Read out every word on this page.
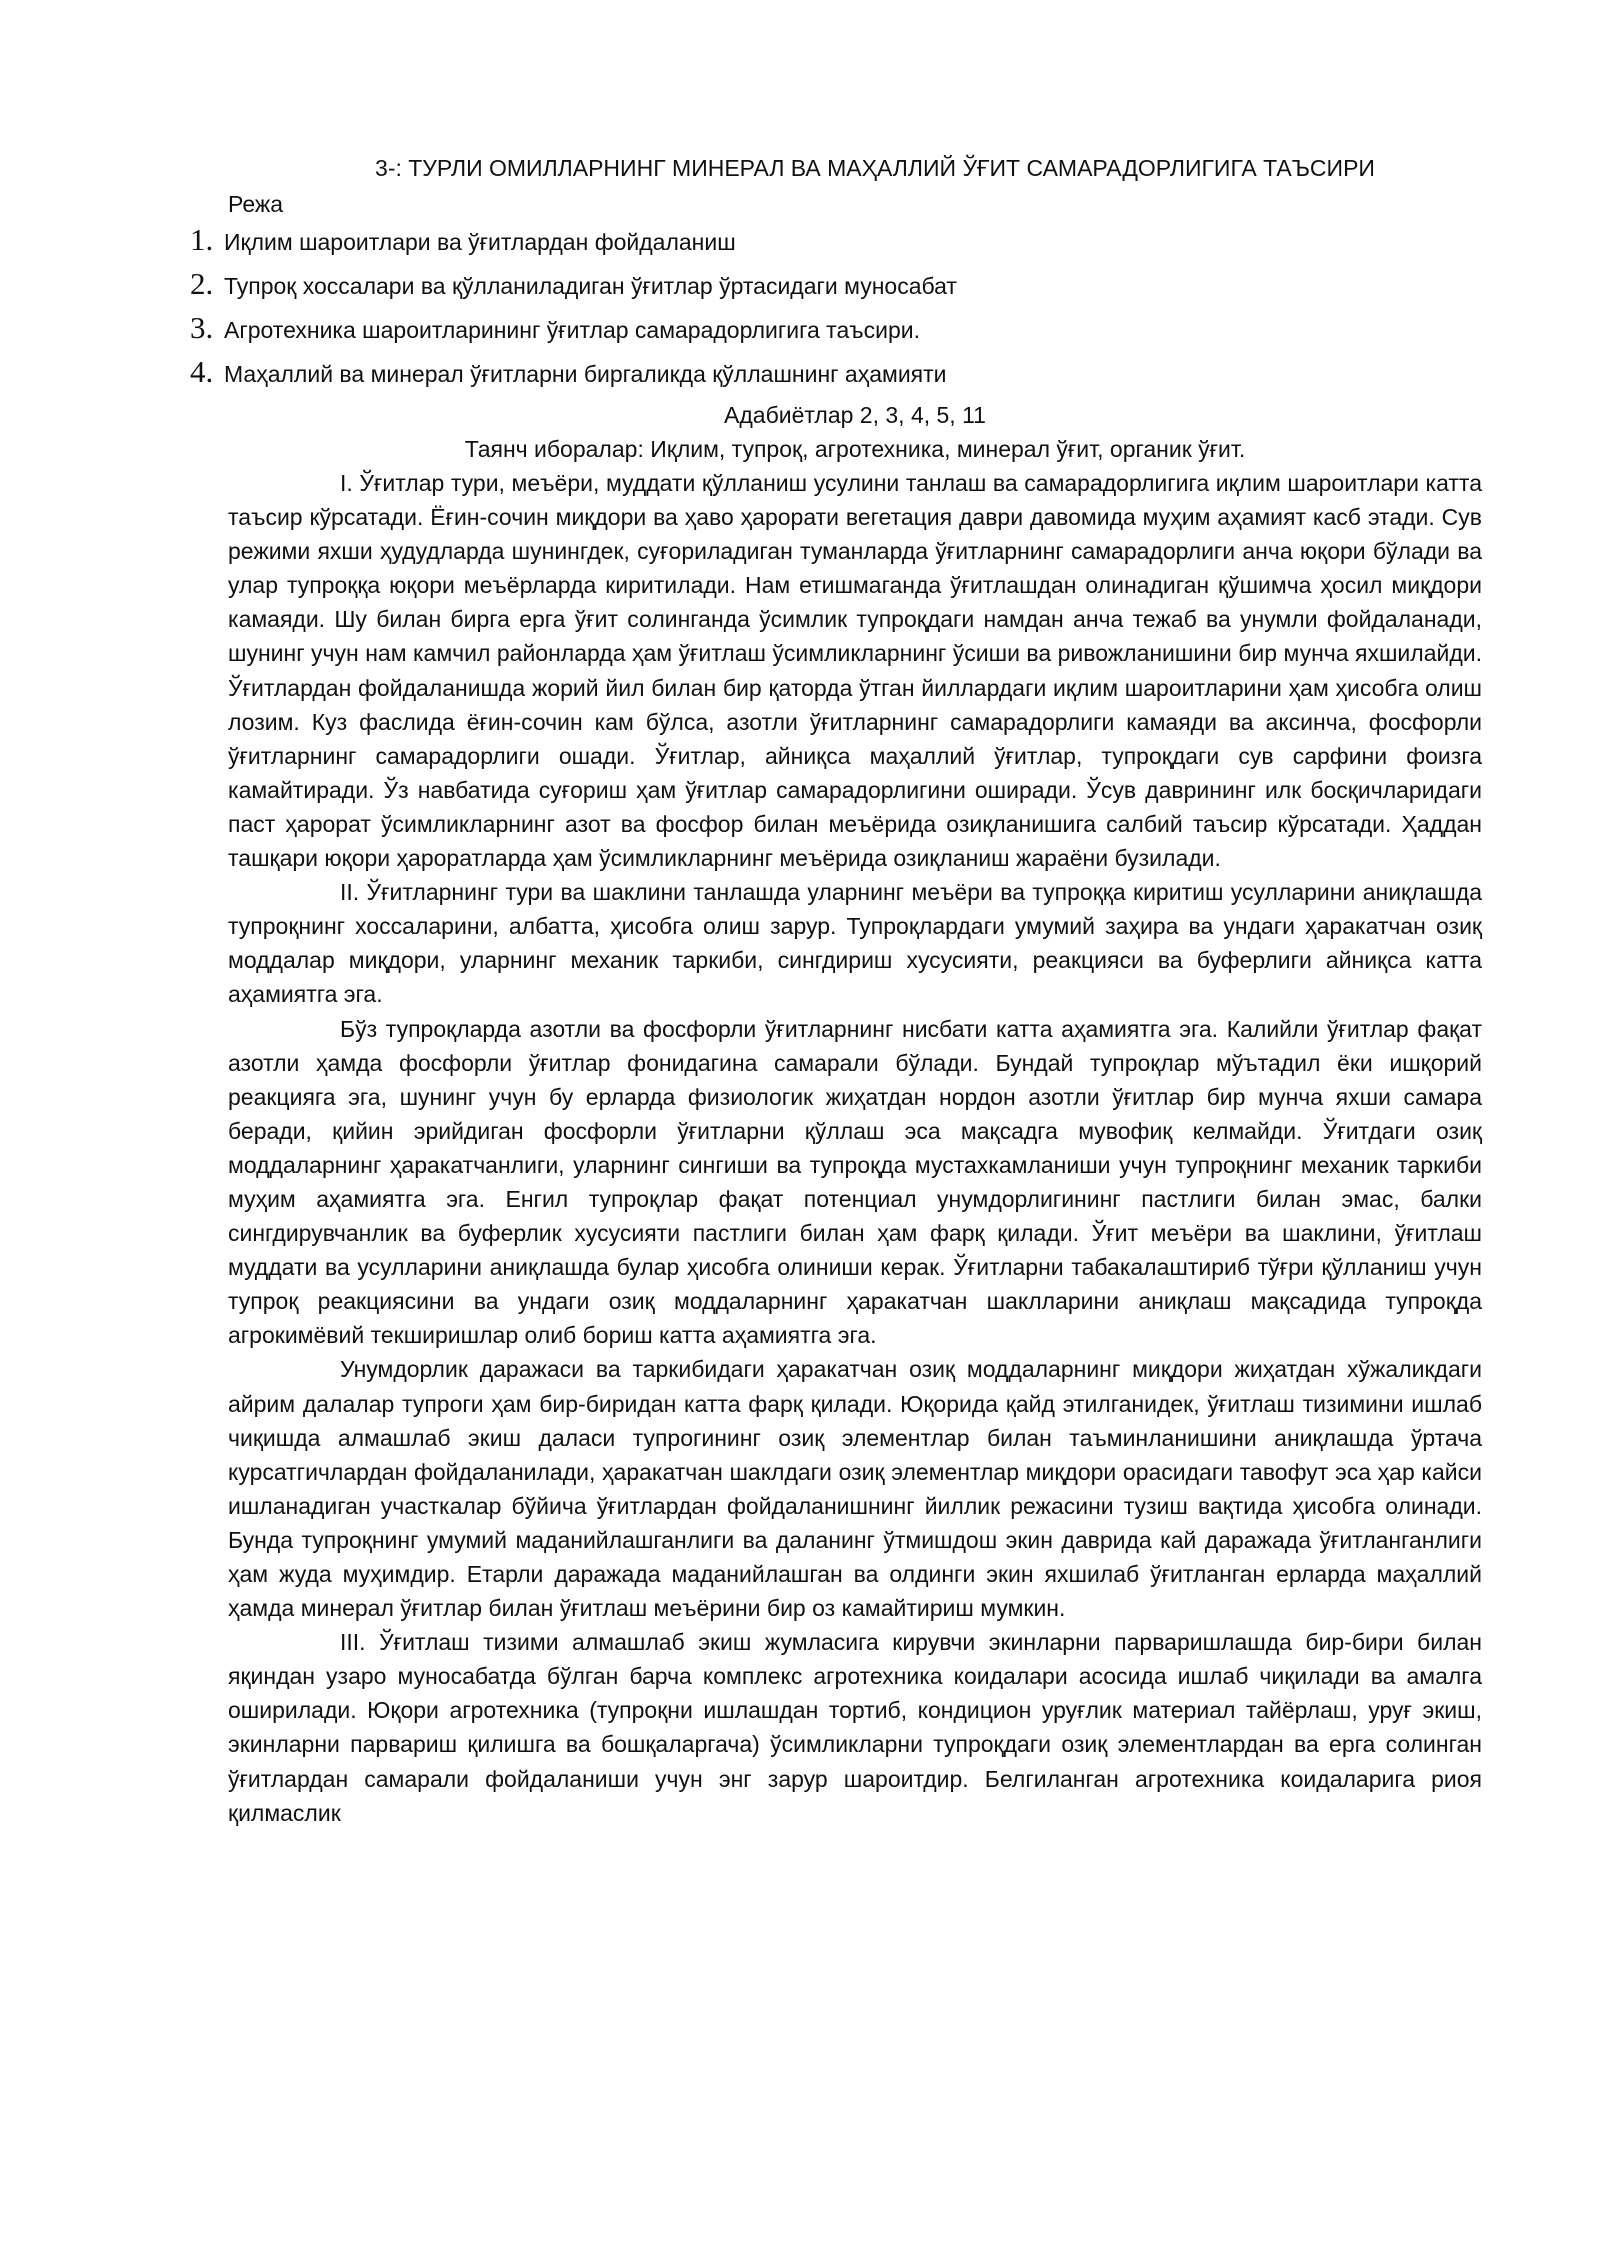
3-: ТУРЛИ ОМИЛЛАРНИНГ МИНЕРАЛ ВА МАҲАЛЛИЙ ЎҒИТ САМАРАДОРЛИГИГА ТАЪСИРИ
Режа
1. Иқлим шароитлари ва ўғитлардан фойдаланиш
2. Тупроқ хоссалари ва қўлланиладиган ўғитлар ўртасидаги муносабат
3. Агротехника шароитларининг ўғитлар самарадорлигига таъсири.
4. Маҳаллий ва минерал ўғитларни биргаликда қўллашнинг аҳамияти
Адабиётлар 2, 3, 4, 5, 11
Таянч иборалар: Иқлим, тупроқ, агротехника, минерал ўғит, органик ўғит.

I. Ўғитлар тури, меъёри, муддати қўлланиш усулини танлаш ва самарадорлигига иқлим шароитлари катта таъсир кўрсатади. Ёғин-сочин миқдори ва ҳаво ҳарорати вегетация даври давомида муҳим аҳамият касб этади. Сув режими яхши ҳудудларда шунингдек, суғориладиган туманларда ўғитларнинг самарадорлиги анча юқори бўлади ва улар тупроққа юқори меъёрларда киритилади. Нам етишмаганда ўғитлашдан олинадиган қўшимча ҳосил миқдори камаяди. Шу билан бирга ерга ўғит солинганда ўсимлик тупроқдаги намдан анча тежаб ва унумли фойдаланади, шунинг учун нам камчил районларда ҳам ўғитлаш ўсимликларнинг ўсиши ва ривожланишини бир мунча яхшилайди. Ўғитлардан фойдаланишда жорий йил билан бир қаторда ўтган йиллардаги иқлим шароитларини ҳам ҳисобга олиш лозим. Куз фаслида ёғин-сочин кам бўлса, азотли ўғитларнинг самарадорлиги камаяди ва аксинча, фосфорли ўғитларнинг самарадорлиги ошади. Ўғитлар, айниқса маҳаллий ўғитлар, тупроқдаги сув сарфини фоизга камайтиради. Ўз навбатида суғориш ҳам ўғитлар самарадорлигини оширади. Ўсув даврининг илк босқичларидаги паст ҳарорат ўсимликларнинг азот ва фосфор билан меъёрида озиқланишига салбий таъсир кўрсатади. Ҳаддан ташқари юқори ҳароратларда ҳам ўсимликларнинг меъёрида озиқланиш жараёни бузилади.

II. Ўғитларнинг тури ва шаклини танлашда уларнинг меъёри ва тупроққа киритиш усулларини аниқлашда тупроқнинг хоссаларини, албатта, ҳисобга олиш зарур. Тупроқлардаги умумий заҳира ва ундаги ҳаракатчан озиқ моддалар миқдори, уларнинг механик таркиби, сингдириш хусусияти, реакцияси ва буферлиги айниқса катта аҳамиятга эга.

Бўз тупроқларда азотли ва фосфорли ўғитларнинг нисбати катта аҳамиятга эга. Калийли ўғитлар фақат азотли ҳамда фосфорли ўғитлар фонидагина самарали бўлади. Бундай тупроқлар мўътадил ёки ишқорий реакцияга эга, шунинг учун бу ерларда физиологик жиҳатдан нордон азотли ўғитлар бир мунча яхши самара беради, қийин эрийдиган фосфорли ўғитларни қўллаш эса мақсадга мувофиқ келмайди. Ўғитдаги озиқ моддаларнинг ҳаракатчанлиги, уларнинг сингиши ва тупроқда мустахкамланиши учун тупроқнинг механик таркиби муҳим аҳамиятга эга. Енгил тупроқлар фақат потенциал унумдорлигининг пастлиги билан эмас, балки сингдирувчанлик ва буферлик хусусияти пастлиги билан ҳам фарқ қилади. Ўғит меъёри ва шаклини, ўғитлаш муддати ва усулларини аниқлашда булар ҳисобга олиниши керак. Ўғитларни табакалаштириб тўғри қўлланиш учун тупроқ реакциясини ва ундаги озиқ моддаларнинг ҳаракатчан шаклларини аниқлаш мақсадида тупроқда агрокимёвий текширишлар олиб бориш катта аҳамиятга эга.

Унумдорлик даражаси ва таркибидаги ҳаракатчан озиқ моддаларнинг миқдори жиҳатдан хўжаликдаги айрим далалар тупроги ҳам бир-биридан катта фарқ қилади. Юқорида қайд этилганидек, ўғитлаш тизимини ишлаб чиқишда алмашлаб экиш даласи тупрогининг озиқ элементлар билан таъминланишини аниқлашда ўртача курсатгичлардан фойдаланилади, ҳаракатчан шаклдаги озиқ элементлар миқдори орасидаги тавофут эса ҳар кайси ишланадиган участкалар бўйича ўғитлардан фойдаланишнинг йиллик режасини тузиш вақтида ҳисобга олинади. Бунда тупроқнинг умумий маданийлашганлиги ва даланинг ўтмишдош экин даврида кай даражада ўғитланганлиги ҳам жуда муҳимдир. Етарли даражада маданийлашган ва олдинги экин яхшилаб ўғитланган ерларда маҳаллий ҳамда минерал ўғитлар билан ўғитлаш меъёрини бир оз камайтириш мумкин.

III. Ўғитлаш тизими алмашлаб экиш жумласига кирувчи экинларни парваришлашда бир-бири билан яқиндан узаро муносабатда бўлган барча комплекс агротехника коидалари асосида ишлаб чиқилади ва амалга оширилади. Юқори агротехника (тупроқни ишлашдан тортиб, кондицион уруғлик материал тайёрлаш, уруғ экиш, экинларни парвариш қилишга ва бошқаларгача) ўсимликларни тупроқдаги озиқ элементлардан ва ерга солинган ўғитлардан самарали фойдаланиши учун энг зарур шароитдир. Белгиланган агротехника коидаларига риоя қилмаслик
